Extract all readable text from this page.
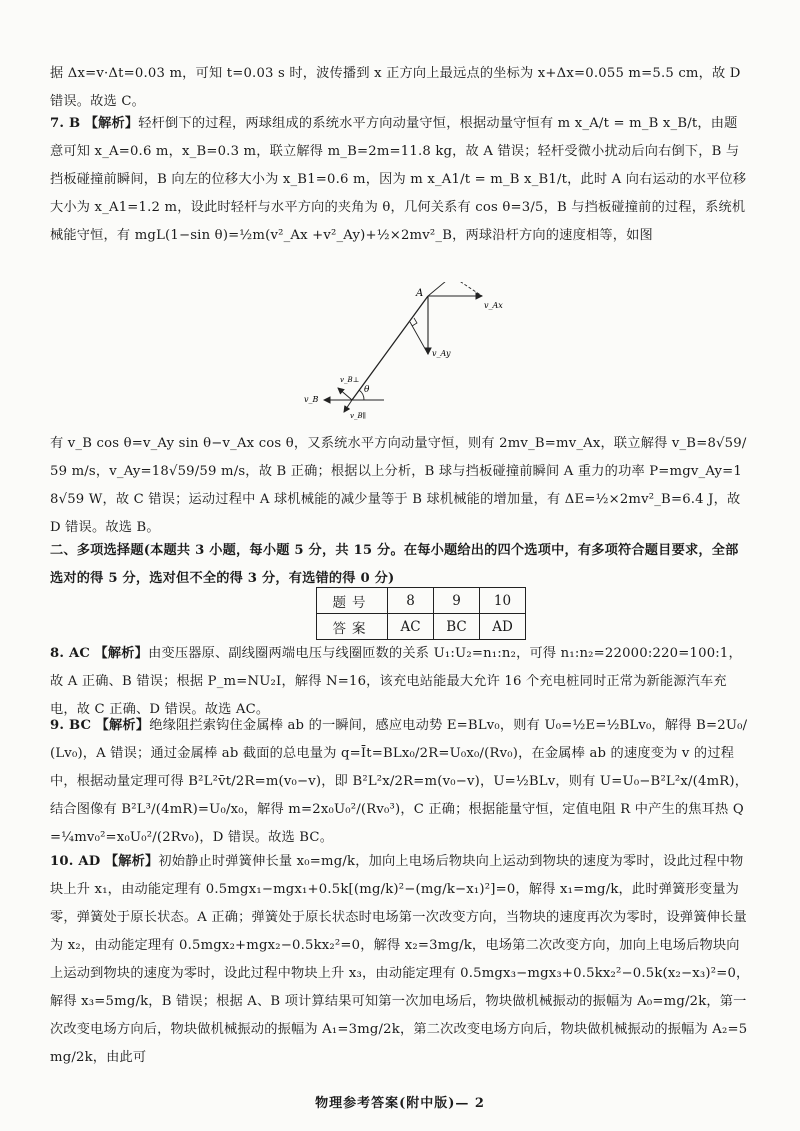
据 Δx=v·Δt=0.03 m，可知 t=0.03 s 时，波传播到 x 正方向上最远点的坐标为 x+Δx=0.055 m=5.5 cm，故 D 错误。故选 C。
7. B 【解析】轻杆倒下的过程，两球组成的系统水平方向动量守恒，根据动量守恒有 m x_A/t = m_B x_B/t，由题意可知 x_A=0.6 m，x_B=0.3 m，联立解得 m_B=2m=11.8 kg，故 A 错误；轻杆受微小扰动后向右倒下，B 与挡板碰撞前瞬间，B 向左的位移大小为 x_B1=0.6 m，因为 m x_A1/t = m_B x_B1/t，此时 A 向右运动的水平位移大小为 x_A1=1.2 m，设此时轻杆与水平方向的夹角为 θ，几何关系有 cos θ=3/5，B 与挡板碰撞前的过程，系统机械能守恒，有 mgL(1−sin θ)=½m(v²_Ax +v²_Ay)+½×2mv²_B，两球沿杆方向的速度相等，如图
A
v_Ax
v_Ay
v_B⊥
v_B
v_B∥
θ
有 v_B cos θ=v_Ay sin θ−v_Ax cos θ，又系统水平方向动量守恒，则有 2mv_B=mv_Ax，联立解得 v_B=8√59/59 m/s，v_Ay=18√59/59 m/s，故 B 正确；根据以上分析，B 球与挡板碰撞前瞬间 A 重力的功率 P=mgv_Ay=18√59 W，故 C 错误；运动过程中 A 球机械能的减少量等于 B 球机械能的增加量，有 ΔE=½×2mv²_B=6.4 J，故 D 错误。故选 B。
二、多项选择题(本题共 3 小题，每小题 5 分，共 15 分。在每小题给出的四个选项中，有多项符合题目要求，全部选对的得 5 分，选对但不全的得 3 分，有选错的得 0 分)
题号	8	9	10
答案	AC	BC	AD
8. AC 【解析】由变压器原、副线圈两端电压与线圈匝数的关系 U₁:U₂=n₁:n₂，可得 n₁:n₂=22000:220=100:1，故 A 正确、B 错误；根据 P_m=NU₂I，解得 N=16，该充电站能最大允许 16 个充电桩同时正常为新能源汽车充电，故 C 正确、D 错误。故选 AC。
9. BC 【解析】绝缘阻拦索钩住金属棒 ab 的一瞬间，感应电动势 E=BLv₀，则有 U₀=½E=½BLv₀，解得 B=2U₀/(Lv₀)，A 错误；通过金属棒 ab 截面的总电量为 q=Īt=BLx₀/2R=U₀x₀/(Rv₀)，在金属棒 ab 的速度变为 v 的过程中，根据动量定理可得 B²L²v̄t/2R=m(v₀−v)，即 B²L²x/2R=m(v₀−v)，U=½BLv，则有 U=U₀−B²L²x/(4mR)，结合图像有 B²L³/(4mR)=U₀/x₀，解得 m=2x₀U₀²/(Rv₀³)，C 正确；根据能量守恒，定值电阻 R 中产生的焦耳热 Q=¼mv₀²=x₀U₀²/(2Rv₀)，D 错误。故选 BC。
10. AD 【解析】初始静止时弹簧伸长量 x₀=mg/k，加向上电场后物块向上运动到物块的速度为零时，设此过程中物块上升 x₁，由动能定理有 0.5mgx₁−mgx₁+0.5k[(mg/k)²−(mg/k−x₁)²]=0，解得 x₁=mg/k，此时弹簧形变量为零，弹簧处于原长状态。A 正确；弹簧处于原长状态时电场第一次改变方向，当物块的速度再次为零时，设弹簧伸长量为 x₂，由动能定理有 0.5mgx₂+mgx₂−0.5kx₂²=0，解得 x₂=3mg/k，电场第二次改变方向，加向上电场后物块向上运动到物块的速度为零时，设此过程中物块上升 x₃，由动能定理有 0.5mgx₃−mgx₃+0.5kx₂²−0.5k(x₂−x₃)²=0，解得 x₃=5mg/k，B 错误；根据 A、B 项计算结果可知第一次加电场后，物块做机械振动的振幅为 A₀=mg/2k，第一次改变电场方向后，物块做机械振动的振幅为 A₁=3mg/2k，第二次改变电场方向后，物块做机械振动的振幅为 A₂=5mg/2k，由此可
物理参考答案(附中版)— 2
